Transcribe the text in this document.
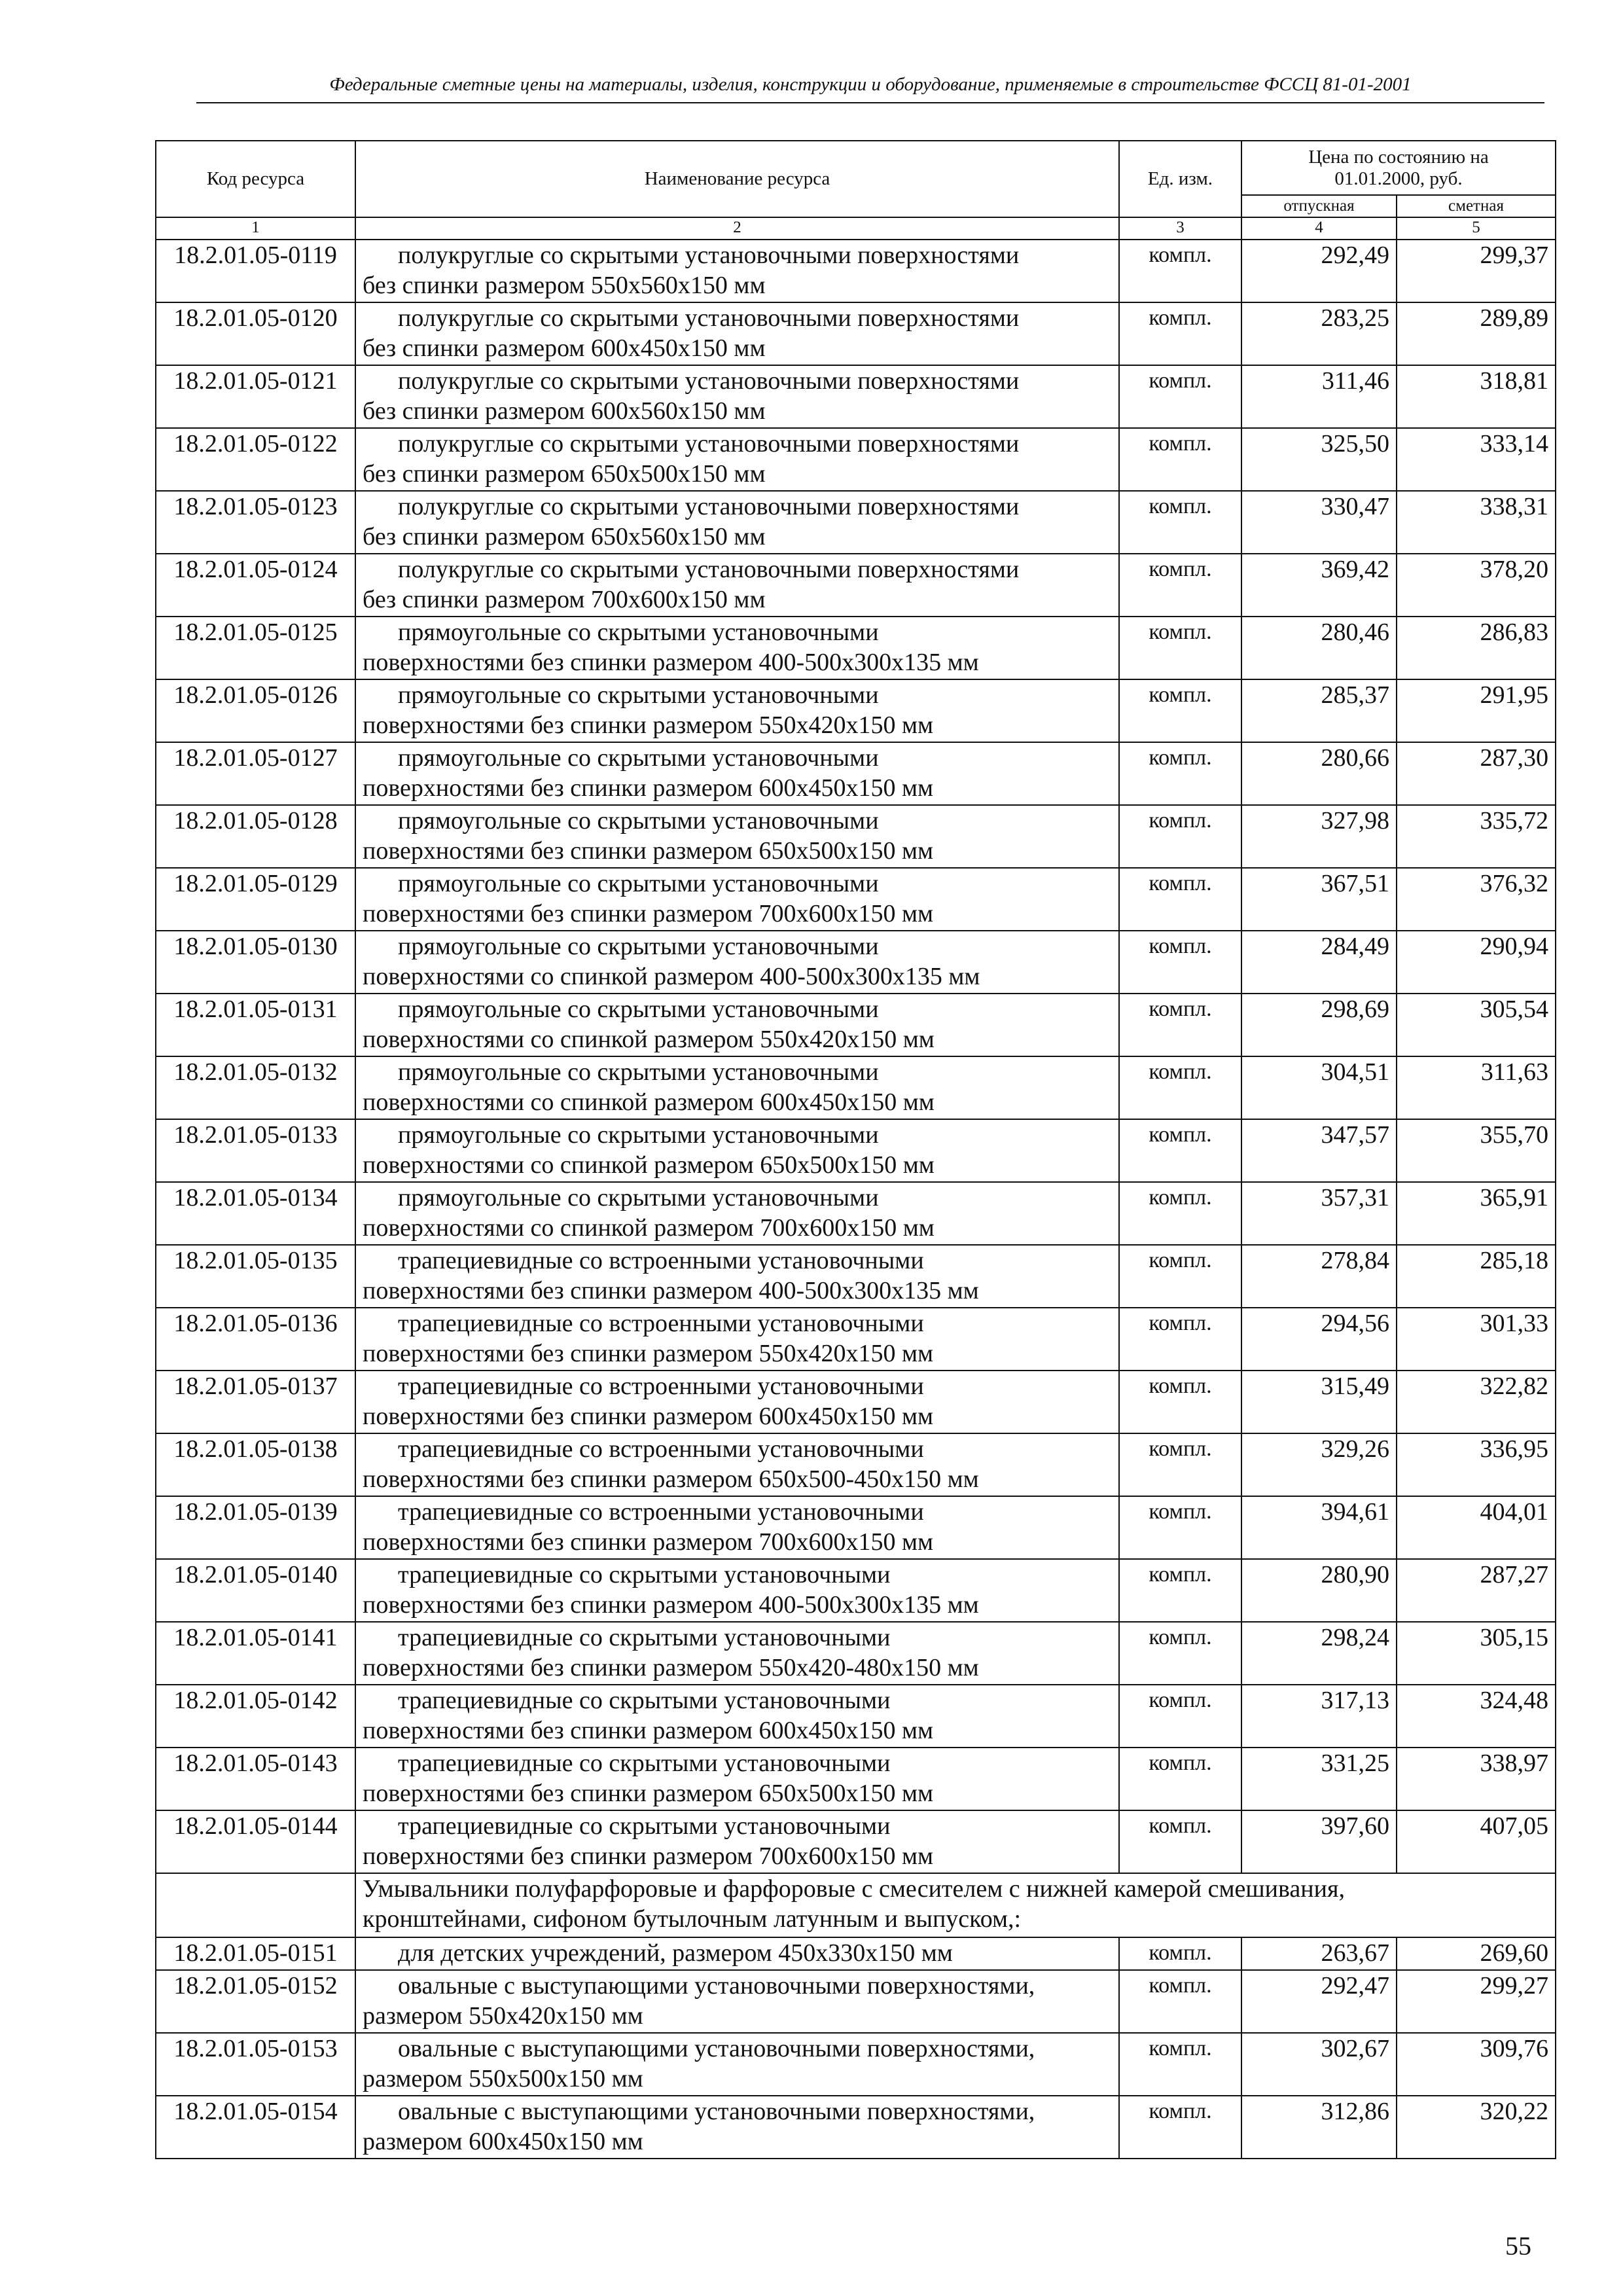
Федеральные сметные цены на материалы, изделия, конструкции и оборудование, применяемые в строительстве ФССЦ 81-01-2001
Код ресурса	Наименование ресурса	Ед. изм.	Цена по состоянию на 01.01.2000, руб.	
			отпускная	сметная
1	2	3	4	5
18.2.01.05-0119	полукруглые со скрытыми установочными поверхностями
без спинки размером 550х560х150 мм	компл.	292,49	299,37
18.2.01.05-0120	полукруглые со скрытыми установочными поверхностями
без спинки размером 600х450х150 мм	компл.	283,25	289,89
18.2.01.05-0121	полукруглые со скрытыми установочными поверхностями
без спинки размером 600х560х150 мм	компл.	311,46	318,81
18.2.01.05-0122	полукруглые со скрытыми установочными поверхностями
без спинки размером 650х500х150 мм	компл.	325,50	333,14
18.2.01.05-0123	полукруглые со скрытыми установочными поверхностями
без спинки размером 650х560х150 мм	компл.	330,47	338,31
18.2.01.05-0124	полукруглые со скрытыми установочными поверхностями
без спинки размером 700х600х150 мм	компл.	369,42	378,20
18.2.01.05-0125	прямоугольные со скрытыми установочными
поверхностями без спинки размером 400-500х300х135 мм	компл.	280,46	286,83
18.2.01.05-0126	прямоугольные со скрытыми установочными
поверхностями без спинки размером 550х420х150 мм	компл.	285,37	291,95
18.2.01.05-0127	прямоугольные со скрытыми установочными
поверхностями без спинки размером 600х450х150 мм	компл.	280,66	287,30
18.2.01.05-0128	прямоугольные со скрытыми установочными
поверхностями без спинки размером 650х500х150 мм	компл.	327,98	335,72
18.2.01.05-0129	прямоугольные со скрытыми установочными
поверхностями без спинки размером 700х600х150 мм	компл.	367,51	376,32
18.2.01.05-0130	прямоугольные со скрытыми установочными
поверхностями со спинкой размером 400-500х300х135 мм	компл.	284,49	290,94
18.2.01.05-0131	прямоугольные со скрытыми установочными
поверхностями со спинкой размером 550х420х150 мм	компл.	298,69	305,54
18.2.01.05-0132	прямоугольные со скрытыми установочными
поверхностями со спинкой размером 600х450х150 мм	компл.	304,51	311,63
18.2.01.05-0133	прямоугольные со скрытыми установочными
поверхностями со спинкой размером 650х500х150 мм	компл.	347,57	355,70
18.2.01.05-0134	прямоугольные со скрытыми установочными
поверхностями со спинкой размером 700х600х150 мм	компл.	357,31	365,91
18.2.01.05-0135	трапециевидные со встроенными установочными
поверхностями без спинки размером 400-500х300х135 мм	компл.	278,84	285,18
18.2.01.05-0136	трапециевидные со встроенными установочными
поверхностями без спинки размером 550х420х150 мм	компл.	294,56	301,33
18.2.01.05-0137	трапециевидные со встроенными установочными
поверхностями без спинки размером 600х450х150 мм	компл.	315,49	322,82
18.2.01.05-0138	трапециевидные со встроенными установочными
поверхностями без спинки размером 650х500-450х150 мм	компл.	329,26	336,95
18.2.01.05-0139	трапециевидные со встроенными установочными
поверхностями без спинки размером 700х600х150 мм	компл.	394,61	404,01
18.2.01.05-0140	трапециевидные со скрытыми установочными
поверхностями без спинки размером 400-500х300х135 мм	компл.	280,90	287,27
18.2.01.05-0141	трапециевидные со скрытыми установочными
поверхностями без спинки размером 550х420-480х150 мм	компл.	298,24	305,15
18.2.01.05-0142	трапециевидные со скрытыми установочными
поверхностями без спинки размером 600х450х150 мм	компл.	317,13	324,48
18.2.01.05-0143	трапециевидные со скрытыми установочными
поверхностями без спинки размером 650х500х150 мм	компл.	331,25	338,97
18.2.01.05-0144	трапециевидные со скрытыми установочными
поверхностями без спинки размером 700х600х150 мм	компл.	397,60	407,05

	Умывальники полуфарфоровые и фарфоровые с смесителем с нижней камерой смешивания,
кронштейнами, сифоном бутылочным латунным и выпуском,:			

18.2.01.05-0151	для детских учреждений, размером 450х330х150 мм	компл.	263,67	269,60
18.2.01.05-0152	овальные с выступающими установочными поверхностями,
размером 550х420х150 мм	компл.	292,47	299,27
18.2.01.05-0153	овальные с выступающими установочными поверхностями,
размером 550х500х150 мм	компл.	302,67	309,76
18.2.01.05-0154	овальные с выступающими установочными поверхностями,
размером 600х450х150 мм	компл.	312,86	320,22
55
